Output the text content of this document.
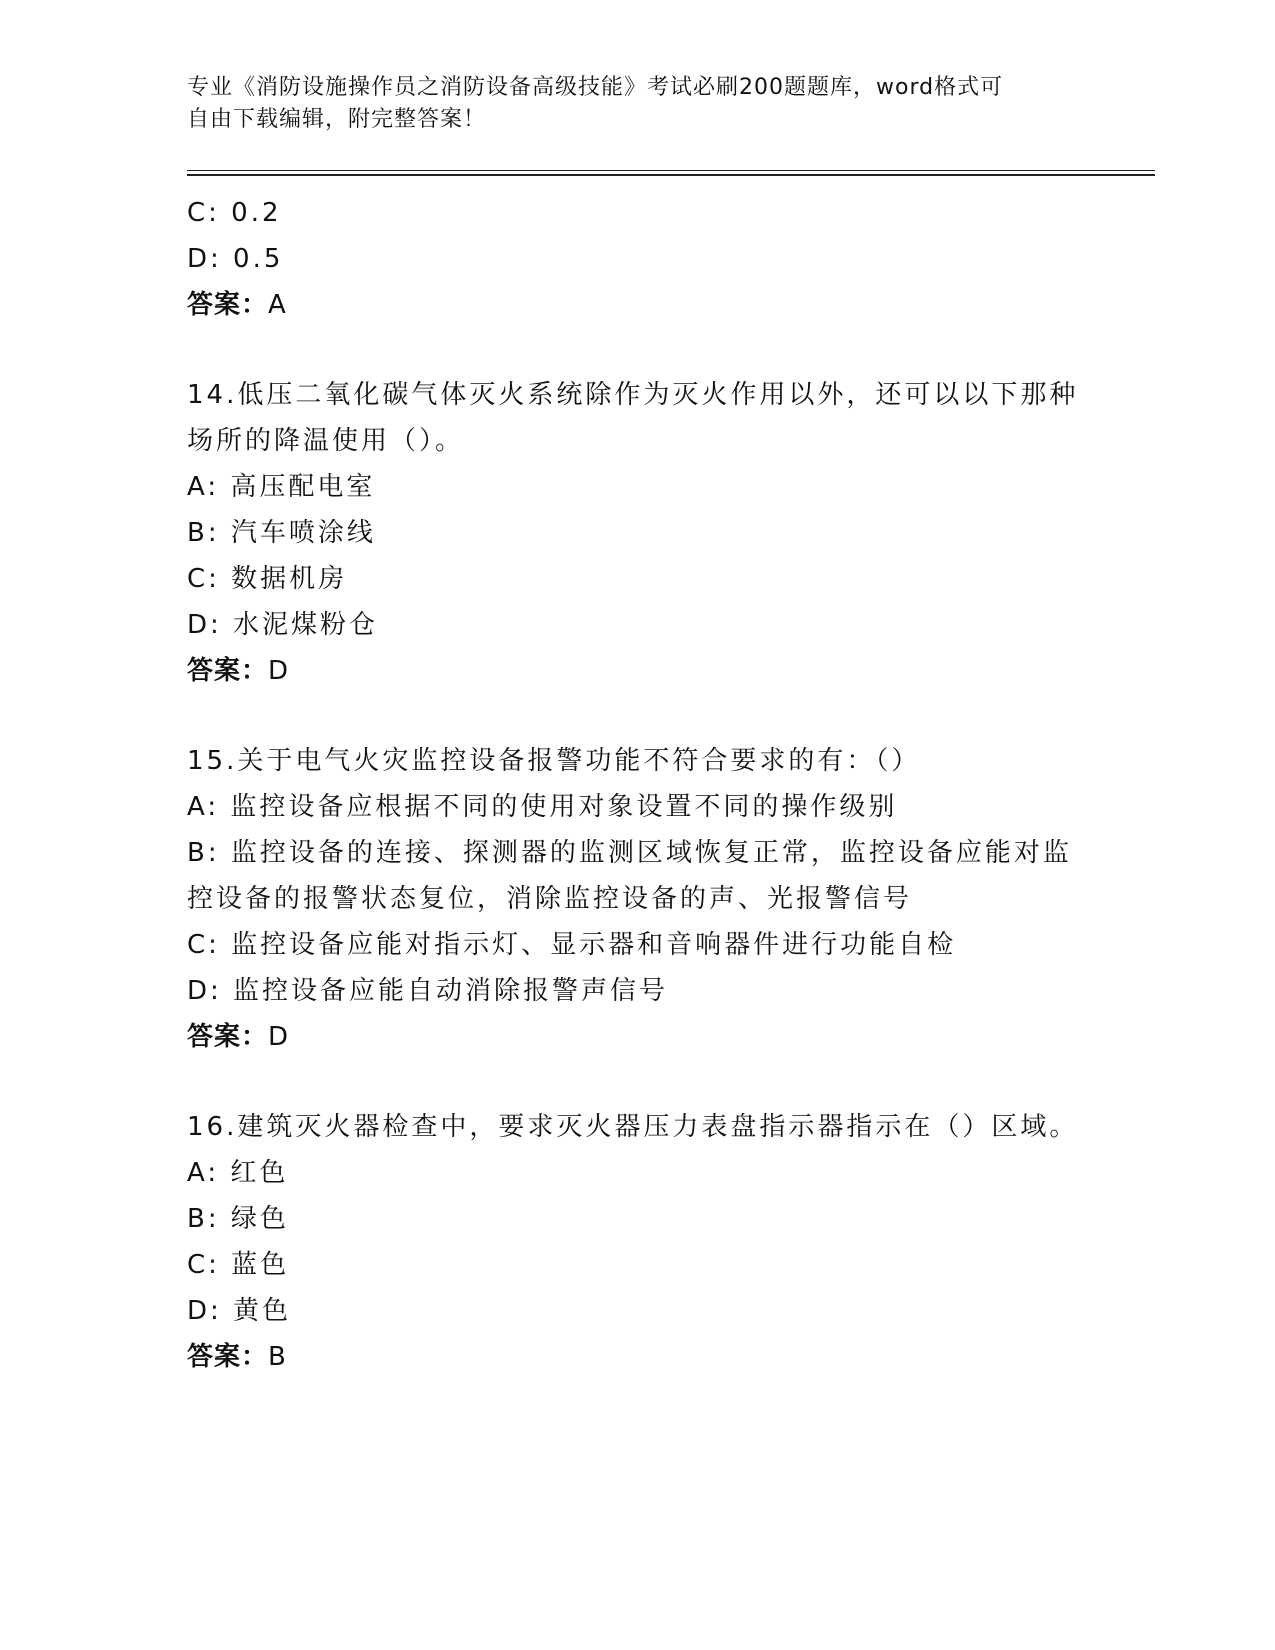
专业《消防设施操作员之消防设备高级技能》考试必刷200题题库，word格式可
自由下载编辑，附完整答案！
C: 0.2
D: 0.5
答案：A
14.低压二氧化碳气体灭火系统除作为灭火作用以外，还可以以下那种
场所的降温使用（）。
A: 高压配电室
B: 汽车喷涂线
C: 数据机房
D: 水泥煤粉仓
答案：D
15.关于电气火灾监控设备报警功能不符合要求的有：（）
A: 监控设备应根据不同的使用对象设置不同的操作级别
B: 监控设备的连接、探测器的监测区域恢复正常，监控设备应能对监
控设备的报警状态复位，消除监控设备的声、光报警信号
C: 监控设备应能对指示灯、显示器和音响器件进行功能自检
D: 监控设备应能自动消除报警声信号
答案：D
16.建筑灭火器检查中，要求灭火器压力表盘指示器指示在（）区域。
A: 红色
B: 绿色
C: 蓝色
D: 黄色
答案：B
